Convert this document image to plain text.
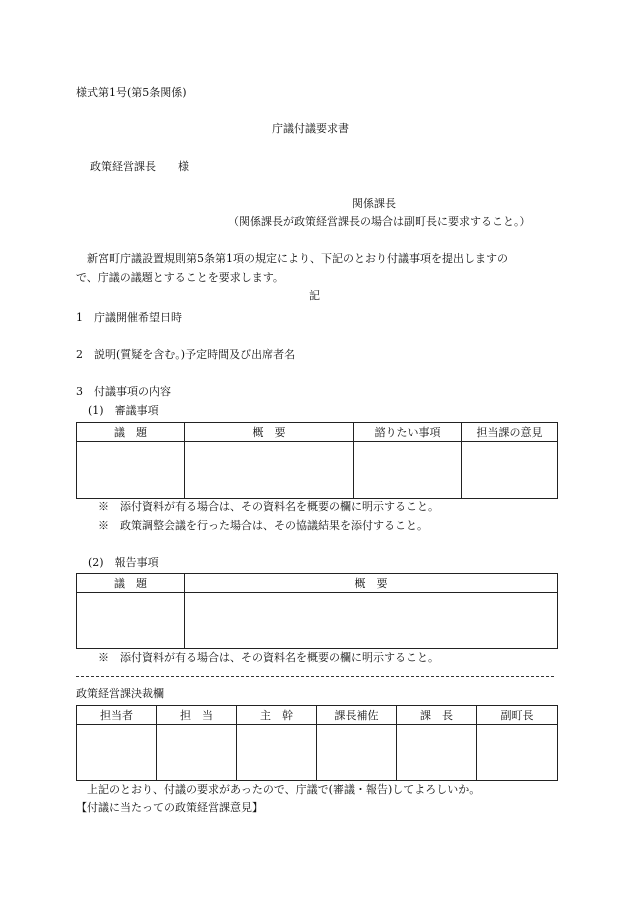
様式第1号(第5条関係)
庁議付議要求書
政策経営課長　　様
関係課長
（関係課長が政策経営課長の場合は副町長に要求すること。）
　新宮町庁議設置規則第5条第1項の規定により、下記のとおり付議事項を提出しますの
で、庁議の議題とすることを要求します。
記
1　庁議開催希望日時
2　説明(質疑を含む。)予定時間及び出席者名
3　付議事項の内容
(1)　審議事項
議　題	概　要	諮りたい事項	担当課の意見

※　添付資料が有る場合は、その資料名を概要の欄に明示すること。
※　政策調整会議を行った場合は、その協議結果を添付すること。
(2)　報告事項
議　題	概　要

※　添付資料が有る場合は、その資料名を概要の欄に明示すること。
政策経営課決裁欄
担当者	担　当	主　幹	課長補佐	課　長	副町長

　上記のとおり、付議の要求があったので、庁議で(審議・報告)してよろしいか。
【付議に当たっての政策経営課意見】
